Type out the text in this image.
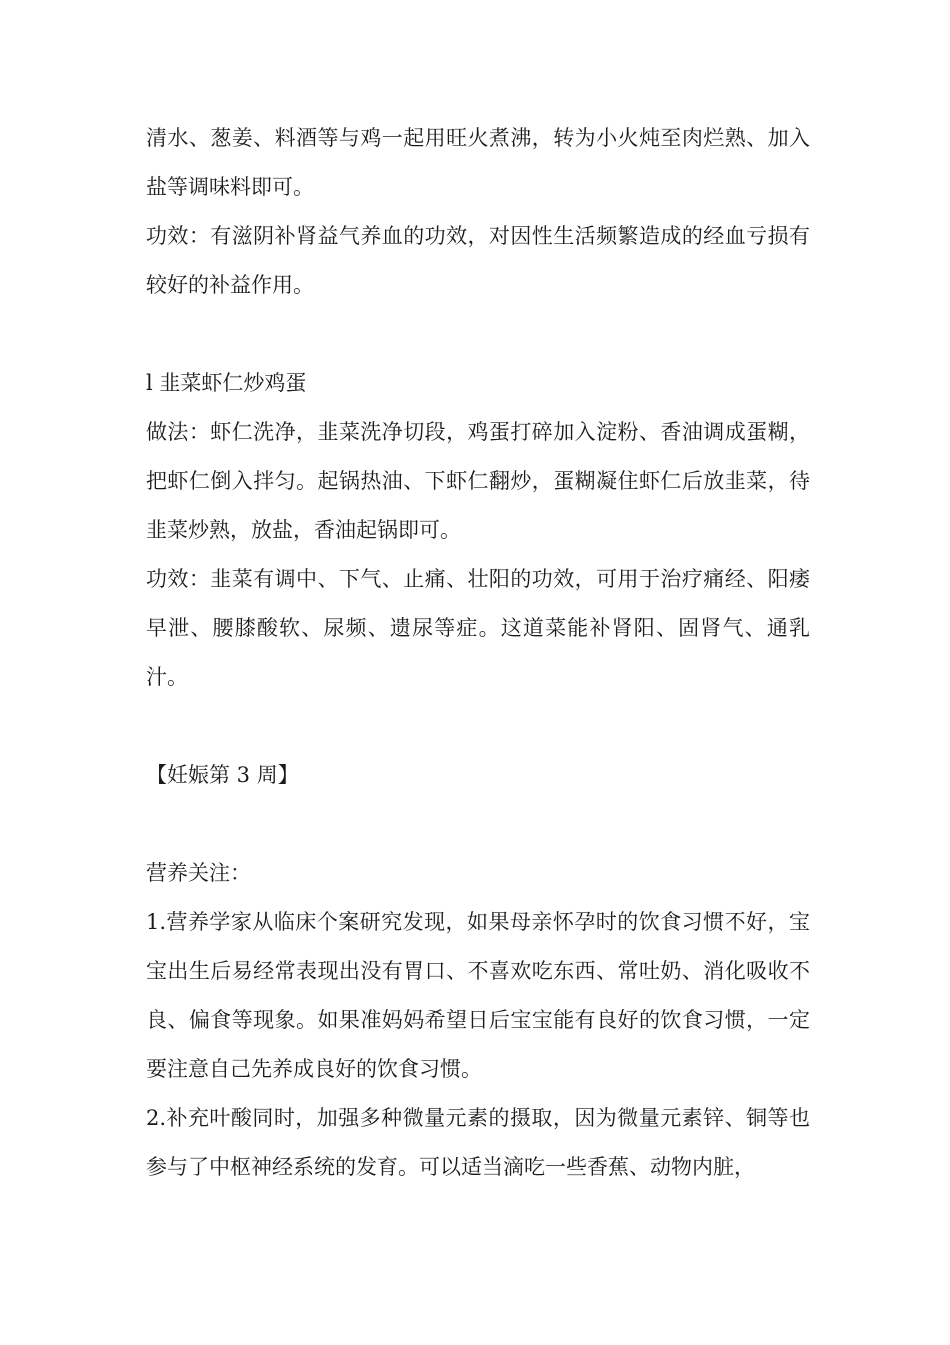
清水、葱姜、料酒等与鸡一起用旺火煮沸，转为小火炖至肉烂熟、加入盐等调味料即可。

功效：有滋阴补肾益气养血的功效，对因性生活频繁造成的经血亏损有较好的补益作用。

l 韭菜虾仁炒鸡蛋

做法：虾仁洗净，韭菜洗净切段，鸡蛋打碎加入淀粉、香油调成蛋糊，把虾仁倒入拌匀。起锅热油、下虾仁翻炒，蛋糊凝住虾仁后放韭菜，待韭菜炒熟，放盐，香油起锅即可。

功效：韭菜有调中、下气、止痛、壮阳的功效，可用于治疗痛经、阳痿早泄、腰膝酸软、尿频、遗尿等症。这道菜能补肾阳、固肾气、通乳汁。

【妊娠第 3 周】

营养关注：

1.营养学家从临床个案研究发现，如果母亲怀孕时的饮食习惯不好，宝宝出生后易经常表现出没有胃口、不喜欢吃东西、常吐奶、消化吸收不良、偏食等现象。如果准妈妈希望日后宝宝能有良好的饮食习惯，一定要注意自己先养成良好的饮食习惯。

2.补充叶酸同时，加强多种微量元素的摄取，因为微量元素锌、铜等也参与了中枢神经系统的发育。可以适当滴吃一些香蕉、动物内脏，
